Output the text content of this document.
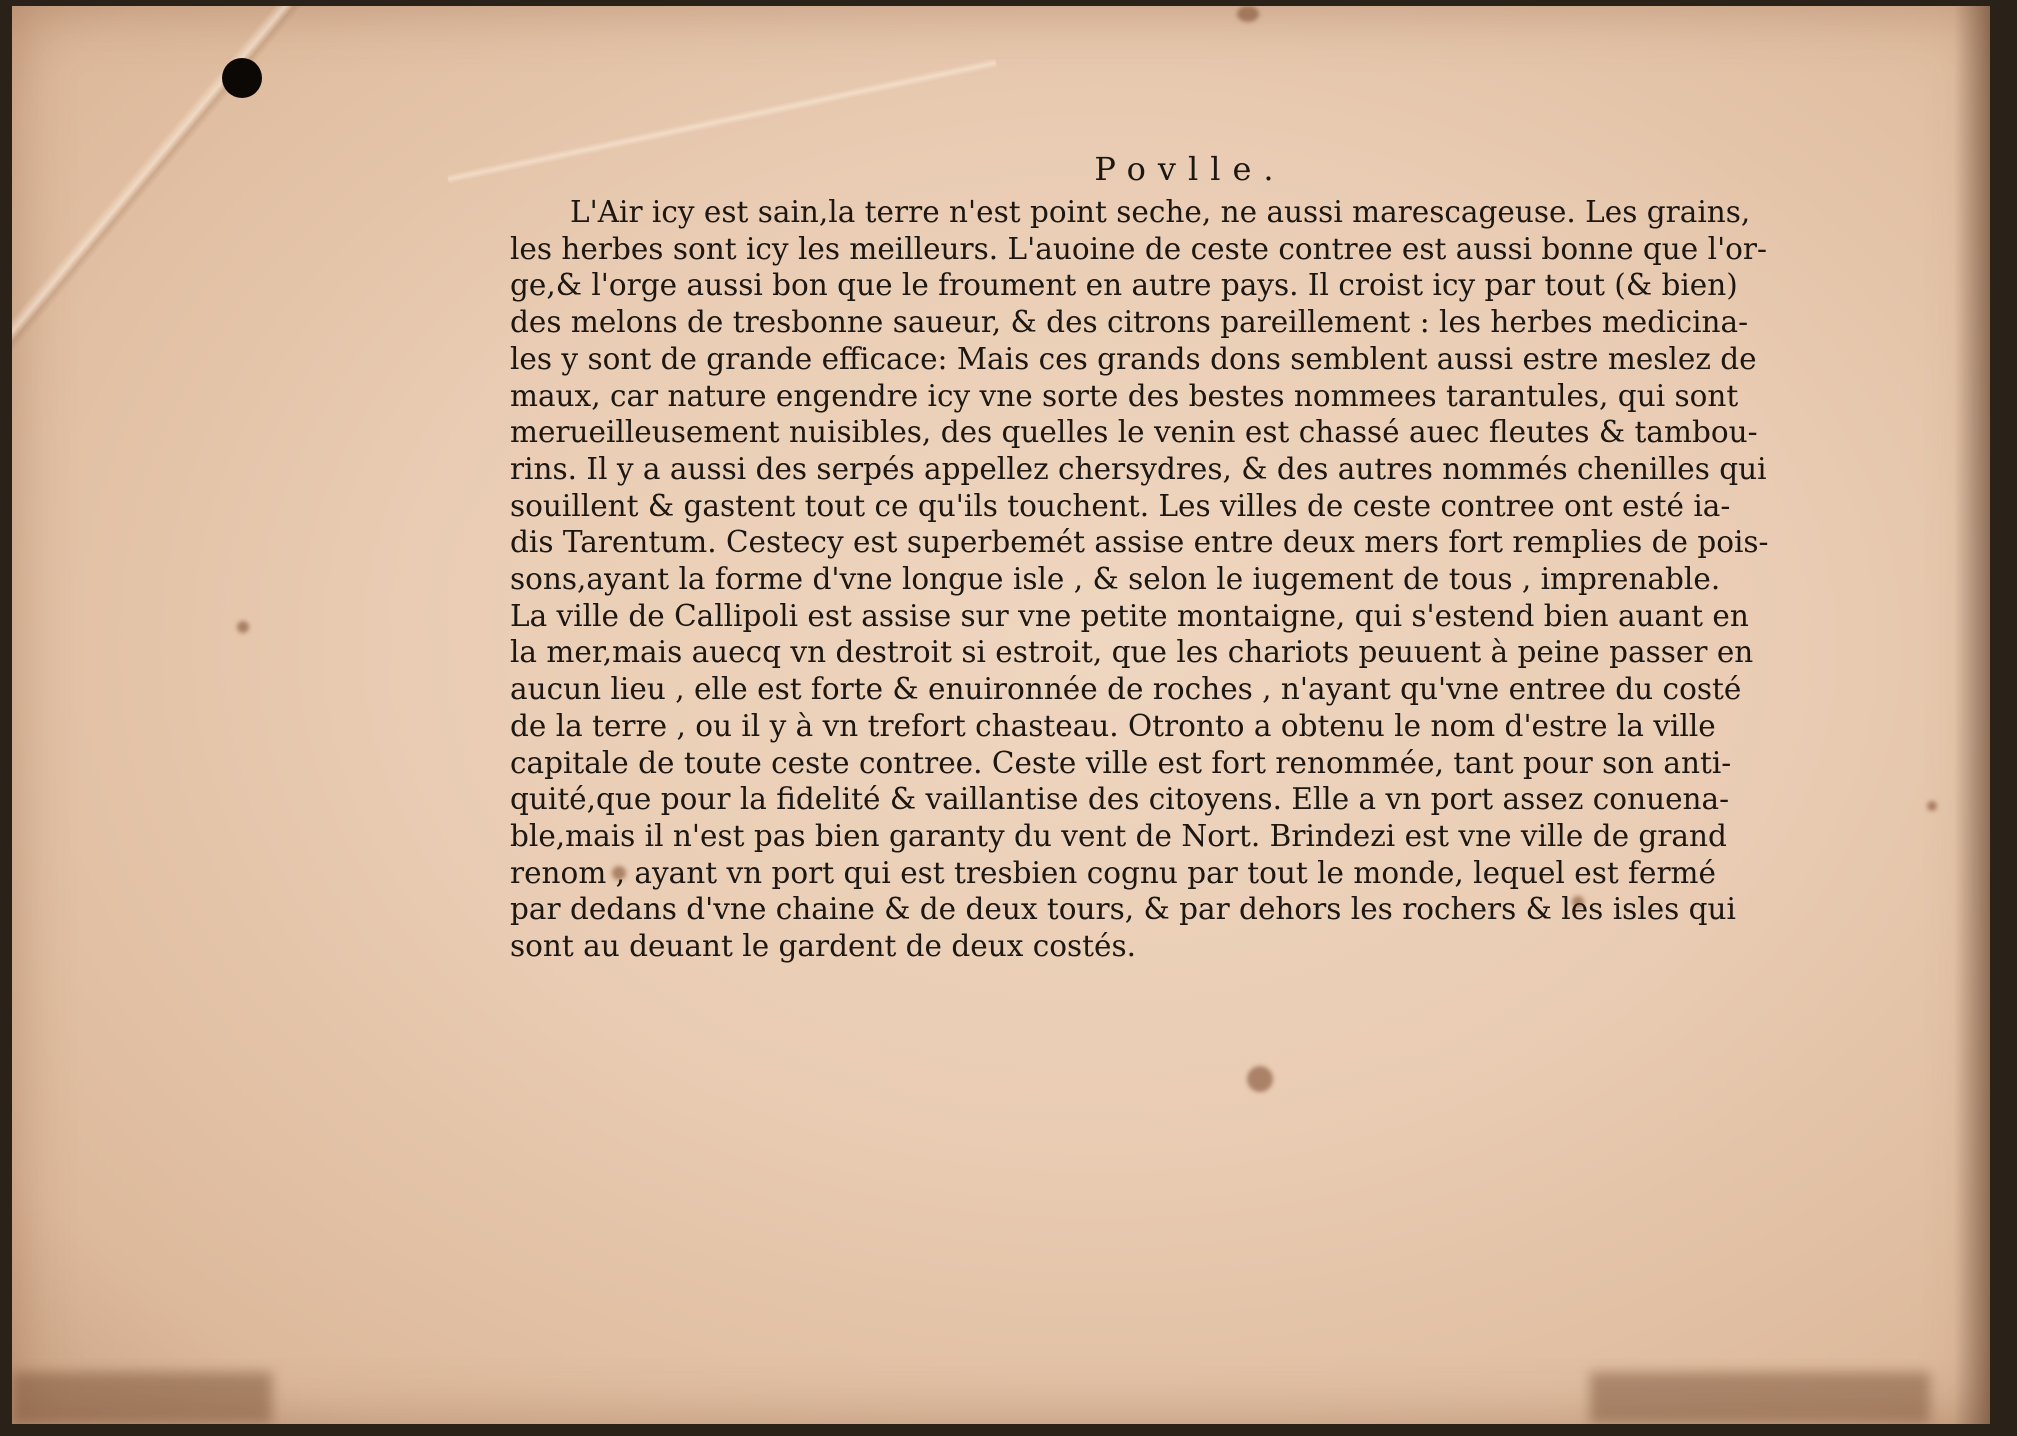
Povlle.
L'Air icy est sain,la terre n'est point seche, ne aussi marescageuse. Les grains,
les herbes sont icy les meilleurs. L'auoine de ceste contree est aussi bonne que l'or-
ge,& l'orge aussi bon que le froument en autre pays. Il croist icy par tout (& bien)
des melons de tresbonne saueur, & des citrons pareillement : les herbes medicina-
les y sont de grande efficace: Mais ces grands dons semblent aussi estre meslez de
maux, car nature engendre icy vne sorte des bestes nommees tarantules, qui sont
merueilleusement nuisibles, des quelles le venin est chassé auec fleutes & tambou-
rins. Il y a aussi des serpés appellez chersydres, & des autres nommés chenilles qui
souillent & gastent tout ce qu'ils touchent. Les villes de ceste contree ont esté ia-
dis Tarentum. Cestecy est superbemét assise entre deux mers fort remplies de pois-
sons,ayant la forme d'vne longue isle , & selon le iugement de tous , imprenable.
La ville de Callipoli est assise sur vne petite montaigne, qui s'estend bien auant en
la mer,mais auecq vn destroit si estroit, que les chariots peuuent à peine passer en
aucun lieu , elle est forte & enuironnée de roches , n'ayant qu'vne entree du costé
de la terre , ou il y à vn trefort chasteau. Otronto a obtenu le nom d'estre la ville
capitale de toute ceste contree. Ceste ville est fort renommée, tant pour son anti-
quité,que pour la fidelité & vaillantise des citoyens. Elle a vn port assez conuena-
ble,mais il n'est pas bien garanty du vent de Nort. Brindezi est vne ville de grand
renom , ayant vn port qui est tresbien cognu par tout le monde, lequel est fermé
par dedans d'vne chaine & de deux tours, & par dehors les rochers & les isles qui
sont au deuant le gardent de deux costés.
